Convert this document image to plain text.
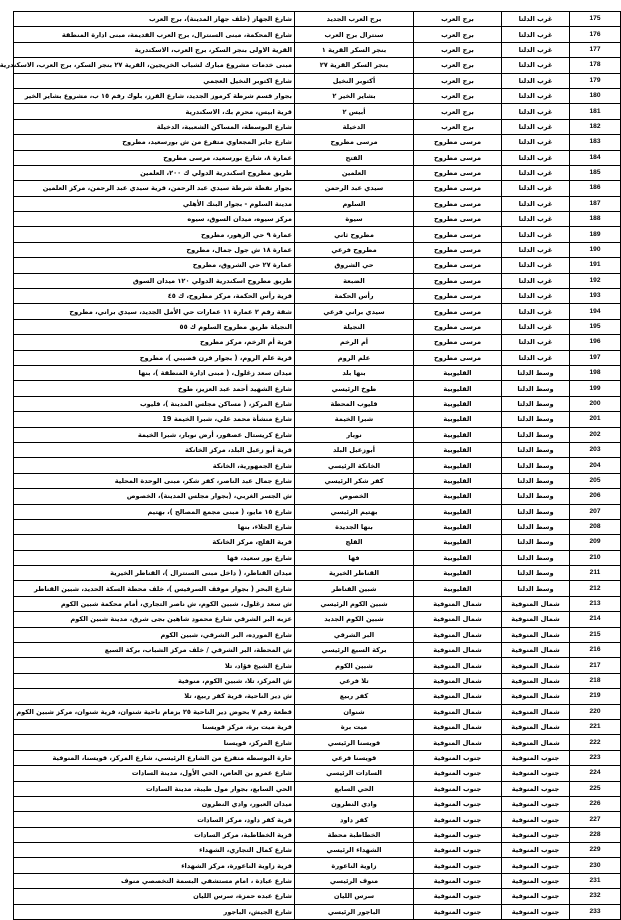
شارع الجهاز (خلف جهاز المدينة)، برج العرب	برج العرب الجديد	برج العرب	غرب الدلتا	175
شارع المحكمة، مبنى السنترال، برج العرب القديمة، مبنى ادارة المنطقة	سنترال برج العرب	برج العرب	غرب الدلتا	176
القرية الاولى بنجر السكر، برج العرب، الاسكندرية	بنجر السكر القرية ١	برج العرب	غرب الدلتا	177
مبنى خدمات مشروع مبارك لشباب الخريجين، القرية ٢٧ بنجر السكر، برج العرب، الاسكندرية	بنجر السكر القرية ٢٧	برج العرب	غرب الدلتا	178
شارع اكتوبر النخيل العجمي	أكتوبر النخيل	برج العرب	غرب الدلتا	179
بجوار قسم شرطة كرموز الجديد، شارع الفرز، بلوك رقم ١٥ ب، مشروع بشاير الخير	بشاير الخير ٢	برج العرب	غرب الدلتا	180
قرية ابيس، محرم بك، الاسكندرية	أبيس ٢	برج العرب	غرب الدلتا	181
شارع البوسطة، المساكن الشعبية، الدخيلة	الدخيلة	برج العرب	غرب الدلتا	182
شارع جابر المجعاوي متفرع من ش بورسعيد، مطروح	مرسى مطروح	مرسى مطروح	غرب الدلتا	183
عمارة ٨، شارع بورسعيد، مرسى مطروح	الفتح	مرسى مطروح	غرب الدلتا	184
طريق مطروح اسكندرية الدولي ك ٢٠٠، العلمين	العلمين	مرسى مطروح	غرب الدلتا	185
بجوار نقطة شرطة سيدي عبد الرحمن، قرية سيدي عبد الرحمن، مركز العلمين	سيدي عبد الرحمن	مرسى مطروح	غرب الدلتا	186
مدينة السلوم - بجوار البنك الأهلي	السلوم	مرسى مطروح	غرب الدلتا	187
مركز سيوه، ميدان السوق، سيوه	سيوة	مرسى مطروح	غرب الدلتا	188
عمارة ٩ حي الزهور، مطروح	مطروح ثاني	مرسى مطروح	غرب الدلتا	189
عمارة ١٨ ش جول جمال، مطروح	مطروح فرعي	مرسى مطروح	غرب الدلتا	190
عمارة ٢٧ حي الشروق، مطروح	حي الشروق	مرسى مطروح	غرب الدلتا	191
طريق مطروح اسكندرية الدولي ١٢٠ ميدان السوق	الضبعة	مرسى مطروح	غرب الدلتا	192
قرية رأس الحكمة، مركز مطروح، ك ٤٥	رأس الحكمة	مرسى مطروح	غرب الدلتا	193
شقة رقم ٢ عمارة ١١ عمارات حي الأمل الجديد، سيدي براني، مطروح	سيدي براني فرعي	مرسى مطروح	غرب الدلتا	194
النجيلة طريق مطروح السلوم ك ٥٥	النجيلة	مرسى مطروح	غرب الدلتا	195
قرية أم الرخم، مركز مطروح	أم الرخم	مرسى مطروح	غرب الدلتا	196
قرية علم الروم، ( بجوار فرن قصيبي )، مطروح	علم الروم	مرسى مطروح	غرب الدلتا	197
ميدان سعد زغلول، ( مبنى ادارة المنطقة )، بنها	بنها بلد	القليوبية	وسط الدلتا	198
شارع الشهيد أحمد عبد العزيز، طوخ	طوخ الرئيسي	القليوبية	وسط الدلتا	199
شارع المركز، ( مساكن مجلس المدينة )، قليوب	قليوب المحطة	القليوبية	وسط الدلتا	200
شارع منشأة محمد علي، شبرا الخيمة 19	شبرا الخيمة	القليوبية	وسط الدلتا	201
شارع كريستال عصفور، أرض نوبار، شبرا الخيمة	نوبار	القليوبية	وسط الدلتا	202
قرية أبو زعبل البلد، مركز الخانكة	أبوزعبل البلد	القليوبية	وسط الدلتا	203
شارع الجمهورية، الخانكة	الخانكة الرئيسي	القليوبية	وسط الدلتا	204
شارع جمال عبد الناصر، كفر شكر، مبنى الوحدة المحلية	كفر شكر الرئيسي	القليوبية	وسط الدلتا	205
ش الجسر الغربي، (بجوار مجلس المدينة)، الخصوص	الخصوص	القليوبية	وسط الدلتا	206
شارع ١٥ مايو، ( مبنى مجمع المصالح )، بهتيم	بهتيم الرئيسي	القليوبية	وسط الدلتا	207
شارع الجلاء، بنها	بنها الجديدة	القليوبية	وسط الدلتا	208
قرية القلج، مركز الخانكة	القلج	القليوبية	وسط الدلتا	209
شارع بور سعيد، فها	فها	القليوبية	وسط الدلتا	210
ميدان القناطر، ( داخل مبنى السنترال )، القناطر الخيرية	القناطر الخيرية	القليوبية	وسط الدلتا	211
شارع البحر ( بجوار موقف السرفيس )، خلف محطة السكة الحديد، شبين القناطر	شبين القناطر	القليوبية	وسط الدلتا	212
ش سعد زغلول، شبين الكوم، ش ناصر التجاري، أمام محكمة شبين الكوم	شبين الكوم الرئيسي	شمال المنوفية	شمال المنوفية	213
عزبه البر الشرقي شارع محمود شاهين بجى شرق، مدينة شبين الكوم	شبين الكوم الجديد	شمال المنوفية	شمال المنوفية	214
شارع المورده، البر الشرقي، شبين الكوم	البر الشرقي	شمال المنوفية	شمال المنوفية	215
ش المحطة، البر الشرقي / خلف مركز الشباب، بركة السبع	بركة السبع الرئيسي	شمال المنوفية	شمال المنوفية	216
شارع الشيخ فؤاد، تلا	شبين الكوم	شمال المنوفية	شمال المنوفية	217
ش المركز، تلا، شبين الكوم، منوفية	تلا فرعي	شمال المنوفية	شمال المنوفية	218
ش دير الناحية، قرية كفر ربيع، تلا	كفر ربيع	شمال المنوفية	شمال المنوفية	219
قطعة رقم ٧ بحوض دير الناحية ٢٥ بزمام ناحية شنوان، قرية شنوان، مركز شبين الكوم	شنوان	شمال المنوفية	شمال المنوفية	220
قرية ميت برة، مركز قويسنا	ميت برة	شمال المنوفية	شمال المنوفية	221
شارع المركز، قويسنا	قويسنا الرئيسي	شمال المنوفية	شمال المنوفية	222
حارة البوسطه متفرع من الشارع الرئيسي، شارع المركز، قويسنا، المنوفية	قويسنا فرعي	جنوب المنوفية	جنوب المنوفية	223
شارع عمرو بن العاص، الحي الأول، مدينة السادات	السادات الرئيسي	جنوب المنوفية	جنوب المنوفية	224
الحي السابع، بجوار مول طيبة، مدينة السادات	الحي السابع	جنوب المنوفية	جنوب المنوفية	225
ميدان العبور، وادي النطرون	وادي النطرون	جنوب المنوفية	جنوب المنوفية	226
قرية كفر داود، مركز السادات	كفر داود	جنوب المنوفية	جنوب المنوفية	227
قرية الخطاطبة، مركز السادات	الخطاطبة محطة	جنوب المنوفية	جنوب المنوفية	228
شارع كمال التجاري، الشهداء	الشهداء الرئيسي	جنوب المنوفية	جنوب المنوفية	229
قرية زاوية الناعورة، مركز الشهداء	زاوية الناعورة	جنوب المنوفية	جنوب المنوفية	230
شارع عبادة ، امام مستشفي البسمة التخصصي منوف	منوف الرئيسي	جنوب المنوفية	جنوب المنوفية	231
شارع عبده حمزة، سرس الليان	سرس الليان	جنوب المنوفية	جنوب المنوفية	232
شارع الجيش، الباجور	الباجور الرئيسي	جنوب المنوفية	جنوب المنوفية	233
